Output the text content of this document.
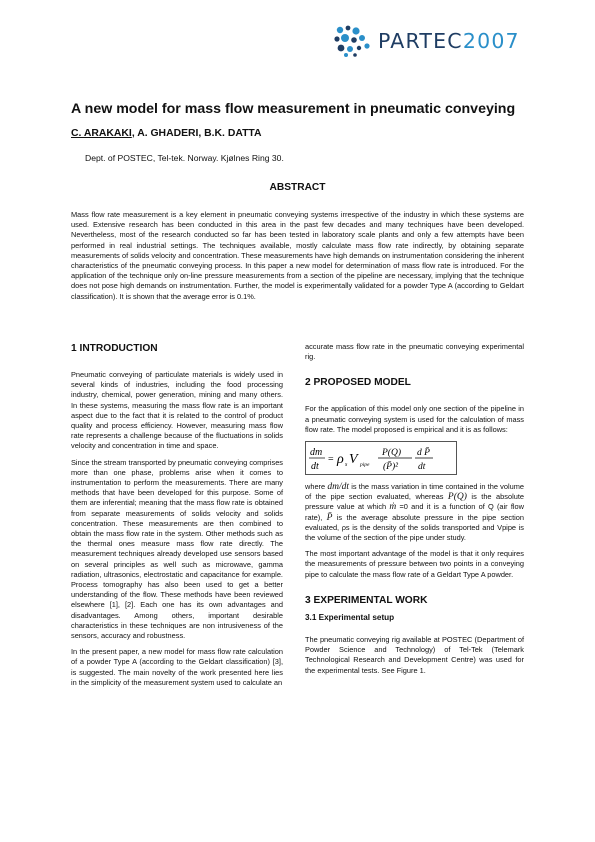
PARTEC2007
A new model for mass flow measurement in pneumatic conveying
C. ARAKAKI, A. GHADERI, B.K. DATTA
Dept. of POSTEC, Tel-tek. Norway. Kjølnes Ring 30.
ABSTRACT
Mass flow rate measurement is a key element in pneumatic conveying systems irrespective of the industry in which these systems are used. Extensive research has been conducted in this area in the past few decades and many techniques have been developed. Nevertheless, most of the research conducted so far has been tested in laboratory scale plants and only a few attempts have been performed in real industrial settings. The techniques available, mostly calculate mass flow rate indirectly, by obtaining separate measurements of solids velocity and concentration. These measurements have high demands on instrumentation considering the inherent characteristics of the pneumatic conveying process. In this paper a new model for determination of mass flow rate is introduced. For the application of the technique only on-line pressure measurements from a section of the pipeline are necessary, implying that the technique does not pose high demands on instrumentation. Further, the model is experimentally validated for a powder Type A (according to Geldart classification). It is shown that the average error is 0.1%.
1 INTRODUCTION

Pneumatic conveying of particulate materials is widely used in several kinds of industries, including the food processing industry, chemical, power generation, mining and many others. In these systems, measuring the mass flow rate is an important aspect due to the fact that it is related to the control of product quality and process efficiency. However, measuring mass flow rate represents a challenge because of the fluctuations in solids velocity and concentration in time and space.

Since the stream transported by pneumatic conveying comprises more than one phase, problems arise when it comes to instrumentation to perform the measurements. There are many methods that have been developed for this purpose. Some of them are inferential; meaning that the mass flow rate is obtained from separate measurements of solids velocity and solids concentration. These measurements are then combined to obtain the mass flow rate in the system. Other methods such as the thermal ones measure mass flow rate directly. The measurement techniques already developed use sensors based on several principles as well such as microwave, gamma radiation, ultrasonics, electrostatic and capacitance for example. Process tomography has also been used to get a better understanding of the flow. These methods have been reviewed elsewhere [1], [2]. Each one has its own advantages and disadvantages. Among others, important desirable characteristics in these techniques are non intrusiveness of the sensors, accuracy and robustness.

In the present paper, a new model for mass flow rate calculation of a powder Type A (according to the Geldart classification) [3], is suggested. The main novelty of the work presented here lies in the simplicity of the measurement system used to calculate an

accurate mass flow rate in the pneumatic conveying experimental rig.

2 PROPOSED MODEL

For the application of this model only one section of the pipeline in a pneumatic conveying system is used for the calculation of mass flow rate. The model proposed is empirical and it is as follows:

dm
dt
= ρ s V pipe
P(Q)
(P̄)²
d P̄
dt

where dm/dt is the mass variation in time contained in the volume of the pipe section evaluated, whereas P(Q) is the absolute pressure value at which ṁ =0 and it is a function of Q (air flow rate), P̄ is the average absolute pressure in the pipe section evaluated, ρs is the density of the solids transported and Vpipe is the volume of the section of the pipe under study.

The most important advantage of the model is that it only requires the measurements of pressure between two points in a conveying pipe to calculate the mass flow rate of a Geldart Type A powder.

3 EXPERIMENTAL WORK
3.1 Experimental setup

The pneumatic conveying rig available at POSTEC (Department of Powder Science and Technology) of Tel-Tek (Telemark Technological Research and Development Centre) was used for the experimental tests. See Figure 1.
